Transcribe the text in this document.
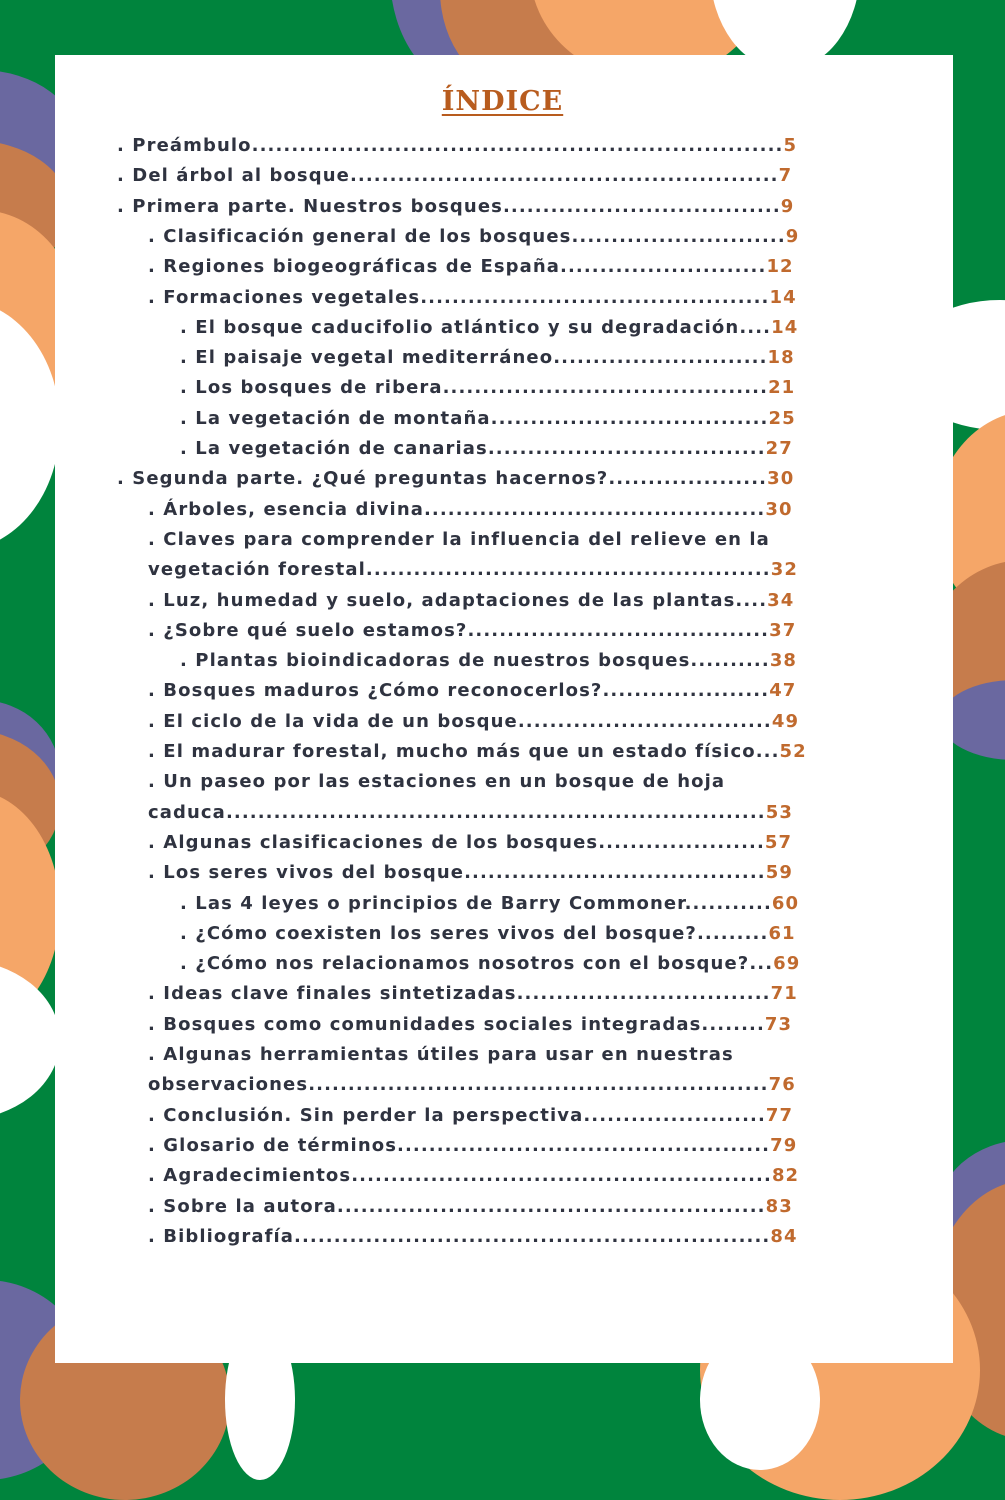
ÍNDICE
. Preámbulo...................................................................5
. Del árbol al bosque......................................................7
. Primera parte. Nuestros bosques...................................9
. Clasificación general de los bosques...........................9
. Regiones biogeográficas de España..........................12
. Formaciones vegetales............................................14
. El bosque caducifolio atlántico y su degradación....14
. El paisaje vegetal mediterráneo...........................18
. Los bosques de ribera.........................................21
. La vegetación de montaña...................................25
. La vegetación de canarias...................................27
. Segunda parte. ¿Qué preguntas hacernos?....................30
. Árboles, esencia divina...........................................30
. Claves para comprender la influencia del relieve en la
vegetación forestal...................................................32
. Luz, humedad y suelo, adaptaciones de las plantas....34
. ¿Sobre qué suelo estamos?......................................37
. Plantas bioindicadoras de nuestros bosques..........38
. Bosques maduros ¿Cómo reconocerlos?.....................47
. El ciclo de la vida de un bosque................................49
. El madurar forestal, mucho más que un estado físico...52
. Un paseo por las estaciones en un bosque de hoja
caduca....................................................................53
. Algunas clasificaciones de los bosques.....................57
. Los seres vivos del bosque......................................59
. Las 4 leyes o principios de Barry Commoner...........60
. ¿Cómo coexisten los seres vivos del bosque?.........61
. ¿Cómo nos relacionamos nosotros con el bosque?...69
. Ideas clave finales sintetizadas................................71
. Bosques como comunidades sociales integradas........73
. Algunas herramientas útiles para usar en nuestras
observaciones..........................................................76
. Conclusión. Sin perder la perspectiva.......................77
. Glosario de términos...............................................79
. Agradecimientos.....................................................82
. Sobre la autora......................................................83
. Bibliografía............................................................84
